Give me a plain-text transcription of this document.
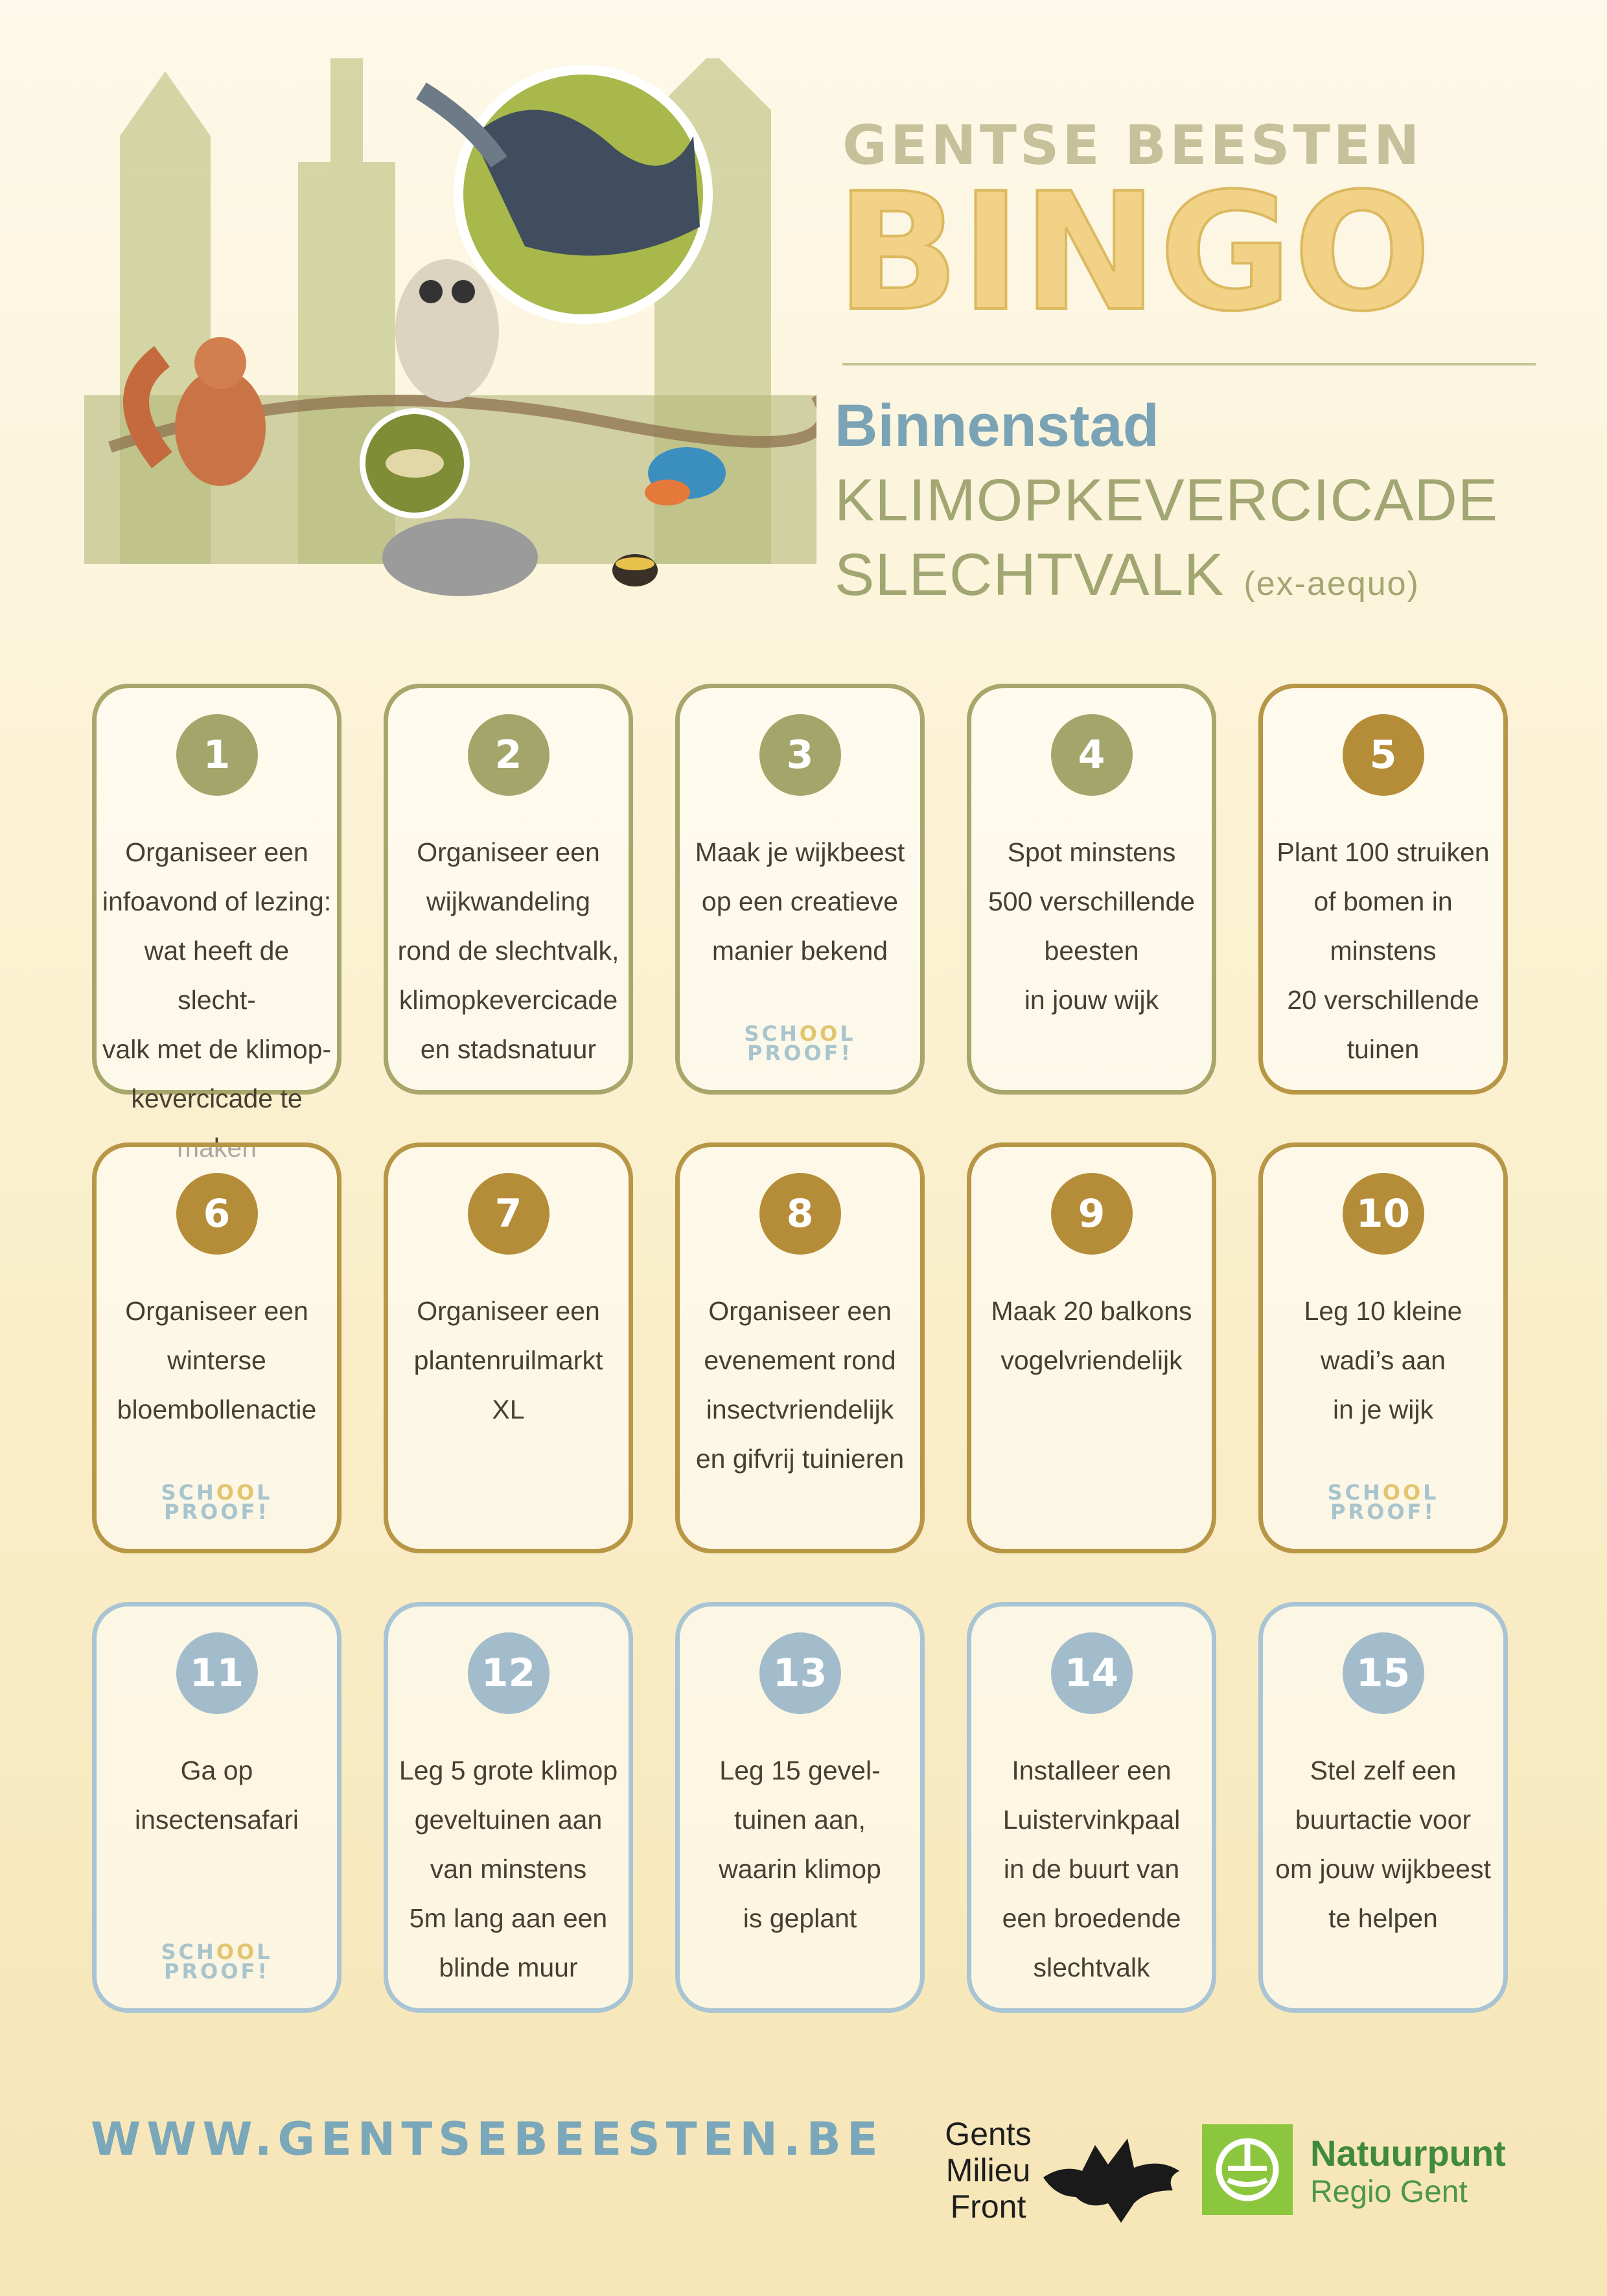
GENTSE BEESTEN
BINGO
Binnenstad
KLIMOPKEVERCICADE
SLECHTVALK (ex-aequo)
1
Organiseer een
infoavond of lezing:
wat heeft de slecht-
valk met de klimop-
kevercicade te
2
Organiseer een
wijkwandeling
rond de slechtvalk,
klimopkevercicade
en stadsnatuur
3
Maak je wijkbeest
op een creatieve
manier bekend
SCHOOL
PROOF!
4
Spot minstens
500 verschillende
beesten
in jouw wijk
5
Plant 100 struiken
of bomen in
minstens
20 verschillende
tuinen
6
Organiseer een
winterse
bloembollenactie
SCHOOL
PROOF!
7
Organiseer een
plantenruilmarkt
XL
8
Organiseer een
evenement rond
insectvriendelijk
en gifvrij tuinieren
9
Maak 20 balkons
vogelvriendelijk
10
Leg 10 kleine
wadi’s aan
in je wijk
SCHOOL
PROOF!
11
Ga op
insectensafari
SCHOOL
PROOF!
12
Leg 5 grote klimop
geveltuinen aan
van minstens
5m lang aan een
blinde muur
13
Leg 15 gevel-
tuinen aan,
waarin klimop
is geplant
14
Installeer een
Luistervinkpaal
in de buurt van
een broedende
slechtvalk
15
Stel zelf een
buurtactie voor
om jouw wijkbeest
te helpen
WWW.GENTSEBEESTEN.BE	Gents
Milieu
Front
Natuurpunt
Regio Gent
